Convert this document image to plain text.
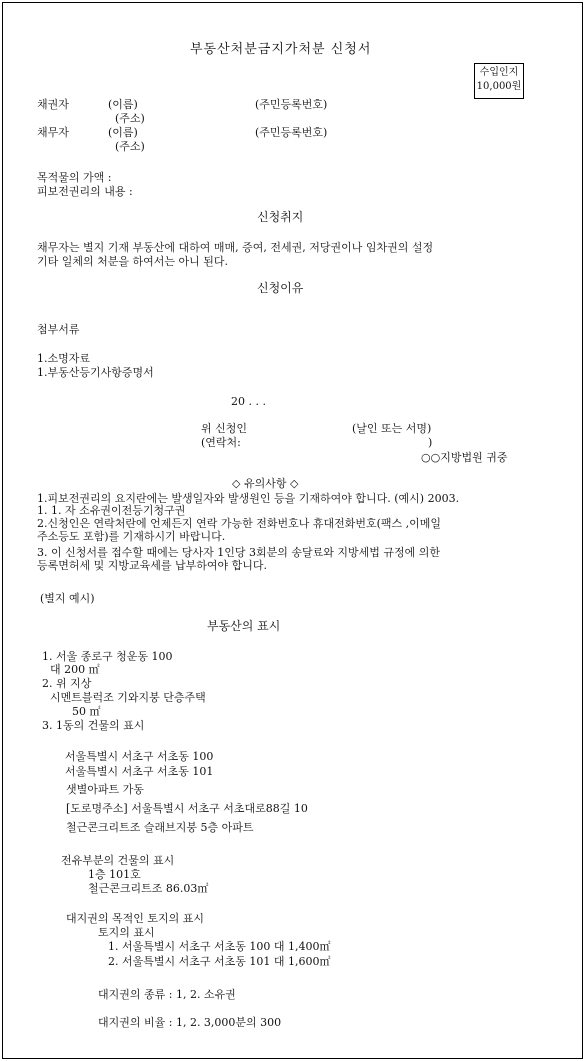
부동산처분금지가처분 신청서
수입인지
10,000원
채권자	(이름)	(주민등록번호)
(주소)
채무자	(이름)	(주민등록번호)
(주소)
목적물의 가액 :
피보전권리의 내용 :
신청취지
채무자는 별지 기재 부동산에 대하여 매매, 증여, 전세권, 저당권이나 임차권의 설정
기타 일체의 처분을 하여서는 아니 된다.
신청이유
첨부서류
1.소명자료
1.부동산등기사항증명서
20 . . .
위 신청인	(날인 또는 서명)
(연락처:	)
○○지방법원 귀중
◇ 유의사항 ◇
1.피보전권리의 요지란에는 발생일자와 발생원인 등을 기재하여야 합니다. (예시) 2003.
1. 1. 자 소유권이전등기청구권
2.신청인은 연락처란에 언제든지 연락 가능한 전화번호나 휴대전화번호(팩스 ,이메일
주소등도 포함)를 기재하시기 바랍니다.
3. 이 신청서를 접수할 때에는 당사자 1인당 3회분의 송달료와 지방세법 규정에 의한
등록면허세 및 지방교육세를 납부하여야 합니다.
(별지 예시)
부동산의 표시
1. 서울 종로구 청운동 100
대 200 ㎡
2. 위 지상
시멘트블럭조 기와지붕 단층주택
50 ㎡
3. 1동의 건물의 표시
서울특별시 서초구 서초동 100
서울특별시 서초구 서초동 101
샛별아파트 가동
[도로명주소] 서울특별시 서초구 서초대로88길 10
철근콘크리트조 슬래브지붕 5층 아파트
전유부분의 건물의 표시
1층 101호
철근콘크리트조 86.03㎡
대지권의 목적인 토지의 표시
토지의 표시
1. 서울특별시 서초구 서초동 100 대 1,400㎡
2. 서울특별시 서초구 서초동 101 대 1,600㎡
대지권의 종류 : 1, 2. 소유권
대지권의 비율 : 1, 2. 3,000분의 300
